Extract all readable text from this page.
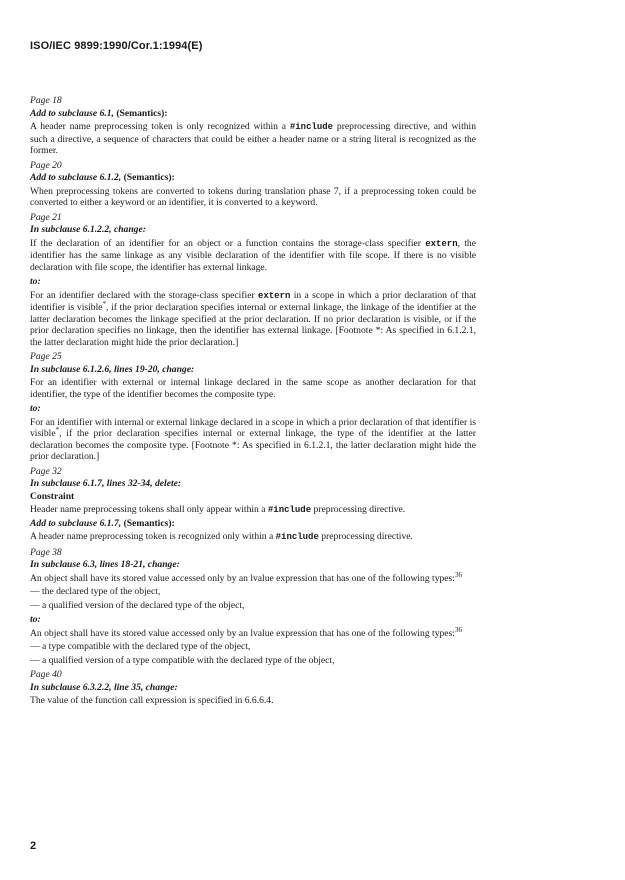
ISO/IEC 9899:1990/Cor.1:1994(E)
Page 18
Add to subclause 6.1, (Semantics):

A header name preprocessing token is only recognized within a #include preprocessing directive, and within such a directive, a sequence of characters that could be either a header name or a string literal is recognized as the former.

Page 20
Add to subclause 6.1.2, (Semantics):

When preprocessing tokens are converted to tokens during translation phase 7, if a preprocessing token could be converted to either a keyword or an identifier, it is converted to a keyword.

Page 21
In subclause 6.1.2.2, change:

If the declaration of an identifier for an object or a function contains the storage-class specifier extern, the identifier has the same linkage as any visible declaration of the identifier with file scope. If there is no visible declaration with file scope, the identifier has external linkage.

to:

For an identifier declared with the storage-class specifier extern in a scope in which a prior declaration of that identifier is visible*, if the prior declaration specifies internal or external linkage, the linkage of the identifier at the latter declaration becomes the linkage specified at the prior declaration. If no prior declaration is visible, or if the prior declaration specifies no linkage, then the identifier has external linkage. [Footnote *: As specified in 6.1.2.1, the latter declaration might hide the prior declaration.]

Page 25
In subclause 6.1.2.6, lines 19-20, change:

For an identifier with external or internal linkage declared in the same scope as another declaration for that identifier, the type of the identifier becomes the composite type.

to:

For an identifier with internal or external linkage declared in a scope in which a prior declaration of that identifier is visible*, if the prior declaration specifies internal or external linkage, the type of the identifier at the latter declaration becomes the composite type. [Footnote *: As specified in 6.1.2.1, the latter declaration might hide the prior declaration.]

Page 32
In subclause 6.1.7, lines 32-34, delete:
Constraint

Header name preprocessing tokens shall only appear within a #include preprocessing directive.

Add to subclause 6.1.7, (Semantics):

A header name preprocessing token is recognized only within a #include preprocessing directive.

Page 38
In subclause 6.3, lines 18-21, change:

An object shall have its stored value accessed only by an lvalue expression that has one of the following types:$^{36}$

— the declared type of the object,
— a qualified version of the declared type of the object,
to:

An object shall have its stored value accessed only by an lvalue expression that has one of the following types:$^{36}$

— a type compatible with the declared type of the object,
— a qualified version of a type compatible with the declared type of the object,
Page 40
In subclause 6.3.2.2, line 35, change:

The value of the function call expression is specified in 6.6.6.4.

2
